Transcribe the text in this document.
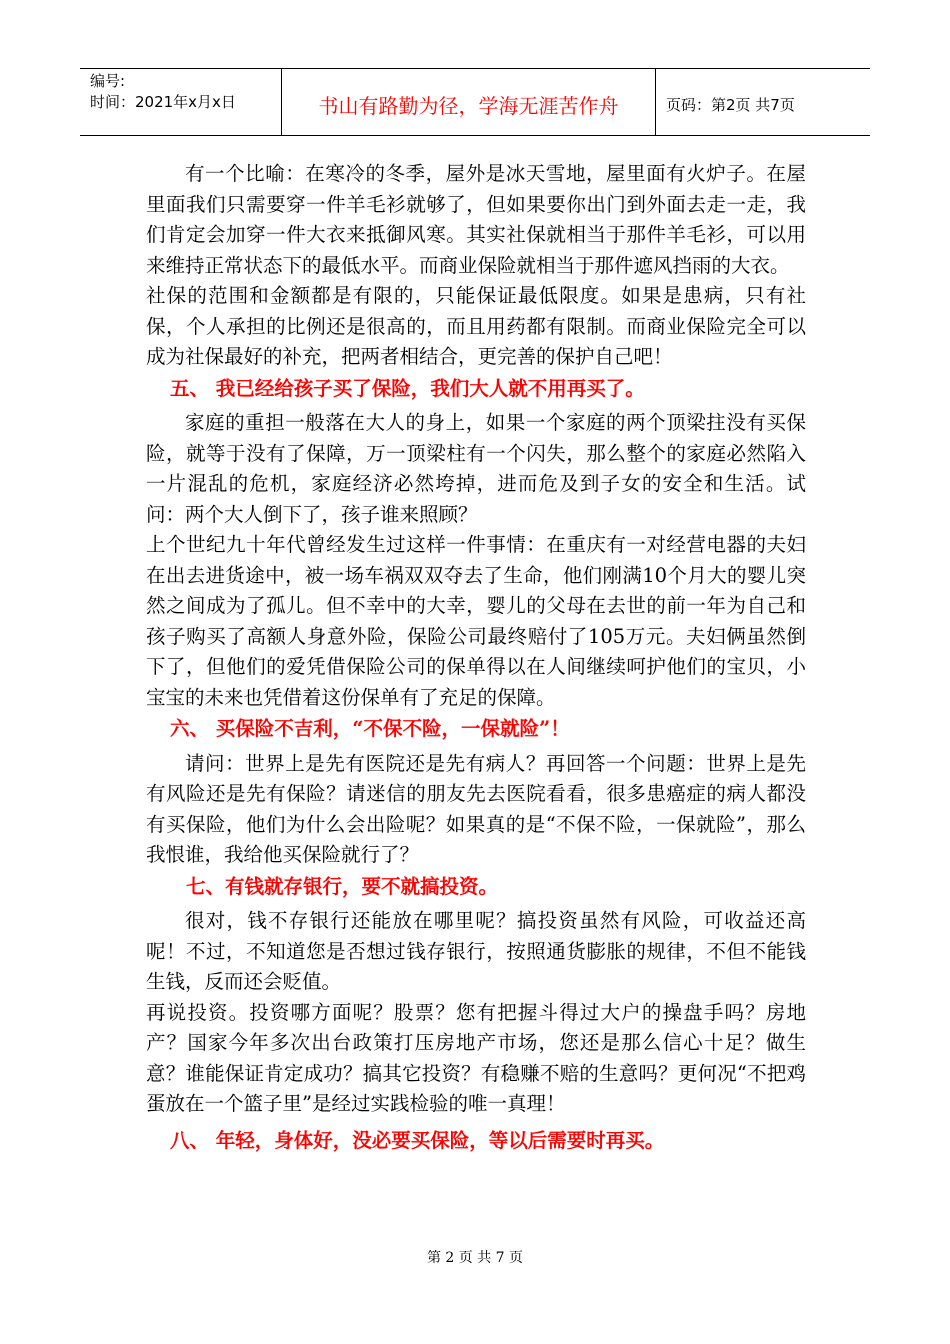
编号:
时间：2021年x月x日	书山有路勤为径，学海无涯苦作舟	页码：第2页 共7页

有一个比喻：在寒冷的冬季，屋外是冰天雪地，屋里面有火炉子。在屋里面我们只需要穿一件羊毛衫就够了，但如果要你出门到外面去走一走，我们肯定会加穿一件大衣来抵御风寒。其实社保就相当于那件羊毛衫，可以用来维持正常状态下的最低水平。而商业保险就相当于那件遮风挡雨的大衣。

社保的范围和金额都是有限的，只能保证最低限度。如果是患病，只有社保，个人承担的比例还是很高的，而且用药都有限制。而商业保险完全可以成为社保最好的补充，把两者相结合，更完善的保护自己吧！

五、 我已经给孩子买了保险，我们大人就不用再买了。

家庭的重担一般落在大人的身上，如果一个家庭的两个顶梁拄没有买保险，就等于没有了保障，万一顶梁柱有一个闪失，那么整个的家庭必然陷入一片混乱的危机，家庭经济必然垮掉，进而危及到子女的安全和生活。试问：两个大人倒下了，孩子谁来照顾？

上个世纪九十年代曾经发生过这样一件事情：在重庆有一对经营电器的夫妇在出去进货途中，被一场车祸双双夺去了生命，他们刚满10个月大的婴儿突然之间成为了孤儿。但不幸中的大幸，婴儿的父母在去世的前一年为自己和孩子购买了高额人身意外险，保险公司最终赔付了105万元。夫妇俩虽然倒下了，但他们的爱凭借保险公司的保单得以在人间继续呵护他们的宝贝，小宝宝的未来也凭借着这份保单有了充足的保障。

六、 买保险不吉利，“不保不险，一保就险”！

请问：世界上是先有医院还是先有病人？再回答一个问题：世界上是先有风险还是先有保险？请迷信的朋友先去医院看看，很多患癌症的病人都没有买保险，他们为什么会出险呢？如果真的是“不保不险，一保就险”，那么我恨谁，我给他买保险就行了？

七、有钱就存银行，要不就搞投资。

很对，钱不存银行还能放在哪里呢？搞投资虽然有风险，可收益还高呢！不过，不知道您是否想过钱存银行，按照通货膨胀的规律，不但不能钱生钱，反而还会贬值。

再说投资。投资哪方面呢？股票？您有把握斗得过大户的操盘手吗？房地产？国家今年多次出台政策打压房地产市场，您还是那么信心十足？做生意？谁能保证肯定成功？搞其它投资？有稳赚不赔的生意吗？更何况“不把鸡蛋放在一个篮子里”是经过实践检验的唯一真理！

八、 年轻，身体好，没必要买保险，等以后需要时再买。

第 2 页 共 7 页
